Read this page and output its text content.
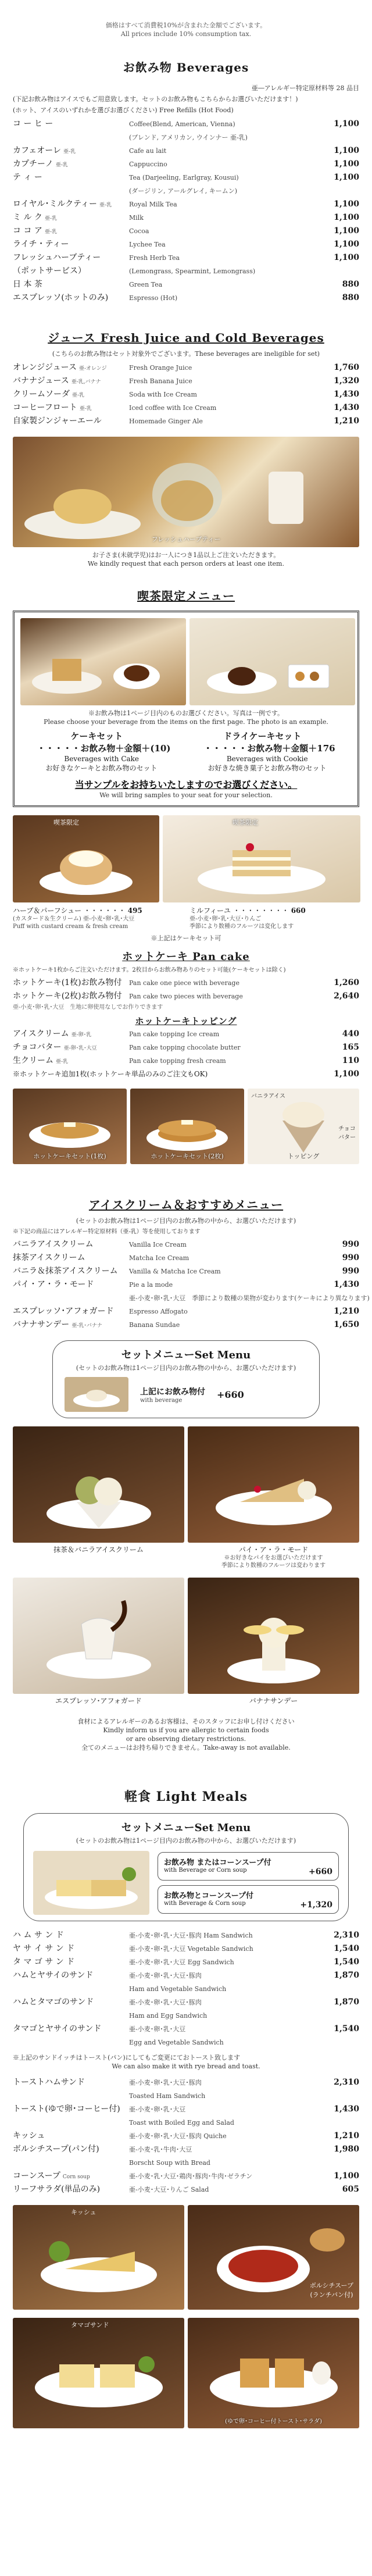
価格はすべて消費税10%が含まれた金額でございます。
All prices include 10% consumption tax.
お飲み物 Beverages
亜―アレルギー特定原材料等 28 品目
(下記お飲み物はアイスでもご用意致します。セットのお飲み物もこちらからお選びいただけます！)
(ホット、アイスのいずれかを選びお選びください) Free Refills (Hot Food)
コ ー ヒ ー	Coffee(Blend, American, Vienna)	1,100
(ブレンド, アメリカン, ウインナー 亜-乳)
カフェオーレ 亜-乳	Cafe au lait	1,100
カプチーノ 亜-乳	Cappuccino	1,100
テ ィ ー	Tea (Darjeeling, Earlgray, Kousui)	1,100
(ダージリン, アールグレイ, キームン)
ロイヤル･ミルクティー 亜-乳	Royal Milk Tea	1,100
ミ ル ク 亜-乳	Milk	1,100
コ コ ア 亜-乳	Cocoa	1,100
ライチ・ティー	Lychee Tea	1,100
フレッシュハーブティー	Fresh Herb Tea	1,100
（ポットサービス）	(Lemongrass, Spearmint, Lemongrass)
日 本 茶	Green Tea	880
エスプレッソ(ホットのみ)	Espresso (Hot)	880
ジュース Fresh Juice and Cold Beverages
(こちらのお飲み物はセット対象外でございます。These beverages are ineligible for set)
オレンジジュース 亜-オレンジ	Fresh Orange Juice	1,760
バナナジュース 亜-乳,バナナ	Fresh Banana Juice	1,320
クリームソーダ 亜-乳	Soda with Ice Cream	1,430
コーヒーフロート 亜-乳	Iced coffee with Ice Cream	1,430
自家製ジンジャーエール	Homemade Ginger Ale	1,210
フレッシュハーブティー
お子さま(未就学児)はお一人につき1品以上ご注文いただきます。
We kindly request that each person orders at least one item.
喫茶限定メニュー
※お飲み物は1ページ目内のものお選びください。写真は一例です。
Please choose your beverage from the items on the first page. The photo is an example.
ケーキセット	ドライケーキセット
・・・・・お飲み物＋金額＋(10)	・・・・・お飲み物＋金額＋176
Beverages with Cake	Beverages with Cookie
お好きなケーキとお飲み物のセット	お好きな焼き菓子とお飲み物のセット
当サンプルをお持ちいたしますのでお選びください。
We will bring samples to your seat for your selection.
喫茶限定	喫茶限定
ハーブ＆パーフシュー ・・・・・・ 495	ミルフィーユ ・・・・・・・・ 660
(カスタード＆生クリーム) 亜-小麦･卵･乳･大豆	亜-小麦･卵･乳･大豆･りんご
Puff with custard cream & fresh cream	季節により数種のフルーツは変化します
※上記はケーキセット可
ホットケーキ Pan cake
※ホットケーキ1枚からご注文いただけます。2枚目からお飲み物ありのセット可能(ケーキセットは除く)
ホットケーキ(1枚)お飲み物付	Pan cake one piece with beverage	1,260
ホットケーキ(2枚)お飲み物付	Pan cake two pieces with beverage	2,640
亜-小麦･卵･乳･大豆　生地に卵使用なしでお作りできます
ホットケーキトッピング
アイスクリーム 亜-卵･乳	Pan cake topping Ice cream	440
チョコバター 亜-卵･乳･大豆	Pan cake topping chocolate butter	165
生クリーム 亜-乳	Pan cake topping fresh cream	110
※ホットケーキ追加1枚(ホットケーキ単品のみのご注文もOK)	1,100
ホットケーキセット(1枚)	ホットケーキセット(2枚)
バニラアイス
チョコバター
トッピング
アイスクリーム＆おすすめメニュー
(セットのお飲み物は1ページ目内のお飲み物の中から、お選びいただけます)
※下記の商品にはアレルギー特定原材料（亜-乳）等を使用しております
バニラアイスクリーム	Vanilla Ice Cream	990
抹茶アイスクリーム	Matcha Ice Cream	990
バニラ＆抹茶アイスクリーム	Vanilla & Matcha Ice Cream	990
パイ・ア・ラ・モード	Pie a la mode	1,430
亜-小麦･卵･乳･大豆　季節により数種の果物が変わります(ケーキにより異なります)
エスプレッソ･アフォガード	Espresso Affogato	1,210
バナナサンデー 亜-乳･バナナ	Banana Sundae	1,650
セットメニューSet Menu
(セットのお飲み物は1ページ目内のお飲み物の中から、お選びいただけます)
上記にお飲み物付
with beverage
+660
抹茶＆バニラアイスクリーム	パイ・ア・ラ・モード
※お好きなパイをお選びいただけます
季節により数種のフルーツは変わります
エスプレッソ･アフォガード	バナナサンデー
食材によるアレルギーのあるお客様は、そのスタッフにお申し付けください
Kindly inform us if you are allergic to certain foods
or are observing dietary restrictions.
全てのメニューはお持ち帰りできません。Take-away is not available.
軽食 Light Meals
セットメニューSet Menu
(セットのお飲み物は1ページ目内のお飲み物の中から、お選びいただけます)
お飲み物 またはコーンスープ付
with Beverage or Corn soup	+660
お飲み物とコーンスープ付
with Beverage & Corn soup	+1,320
ハ ム サ ン ド	亜-小麦･卵･乳･大豆･豚肉 Ham Sandwich	2,310
ヤ サ イ サ ン ド	亜-小麦･卵･乳･大豆 Vegetable Sandwich	1,540
タ マ ゴ サ ン ド	亜-小麦･卵･乳･大豆 Egg Sandwich	1,540
ハムとヤサイのサンド	亜-小麦･卵･乳･大豆･豚肉	1,870
Ham and Vegetable Sandwich
ハムとタマゴのサンド	亜-小麦･卵･乳･大豆･豚肉	1,870
Ham and Egg Sandwich
タマゴとヤサイのサンド	亜-小麦･卵･乳･大豆	1,540
Egg and Vegetable Sandwich
※上記のサンドイッチはトースト(パン)にしてもご変更にておトースト致します
We can also make it with rye bread and toast.
トーストハムサンド	亜-小麦･卵･乳･大豆･豚肉	2,310
Toasted Ham Sandwich
トースト(ゆで卵･コーヒー付)	亜-小麦･卵･乳･大豆	1,430
Toast with Boiled Egg and Salad
キッシュ	亜-小麦･卵･乳･大豆･豚肉 Quiche	1,210
ボルシチスープ(パン付)	亜-小麦･乳･牛肉･大豆	1,980
Borscht Soup with Bread
コーンスープ Corn soup	亜-小麦･乳･大豆･鶏肉･豚肉･牛肉･ゼラチン	1,100
リーフサラダ(単品のみ)	亜-小麦･大豆･りんご Salad	605
キッシュ
ボルシチスープ
(ランチパン付)
タマゴサンド
(ゆで卵･コーヒー付トースト･サラダ)
